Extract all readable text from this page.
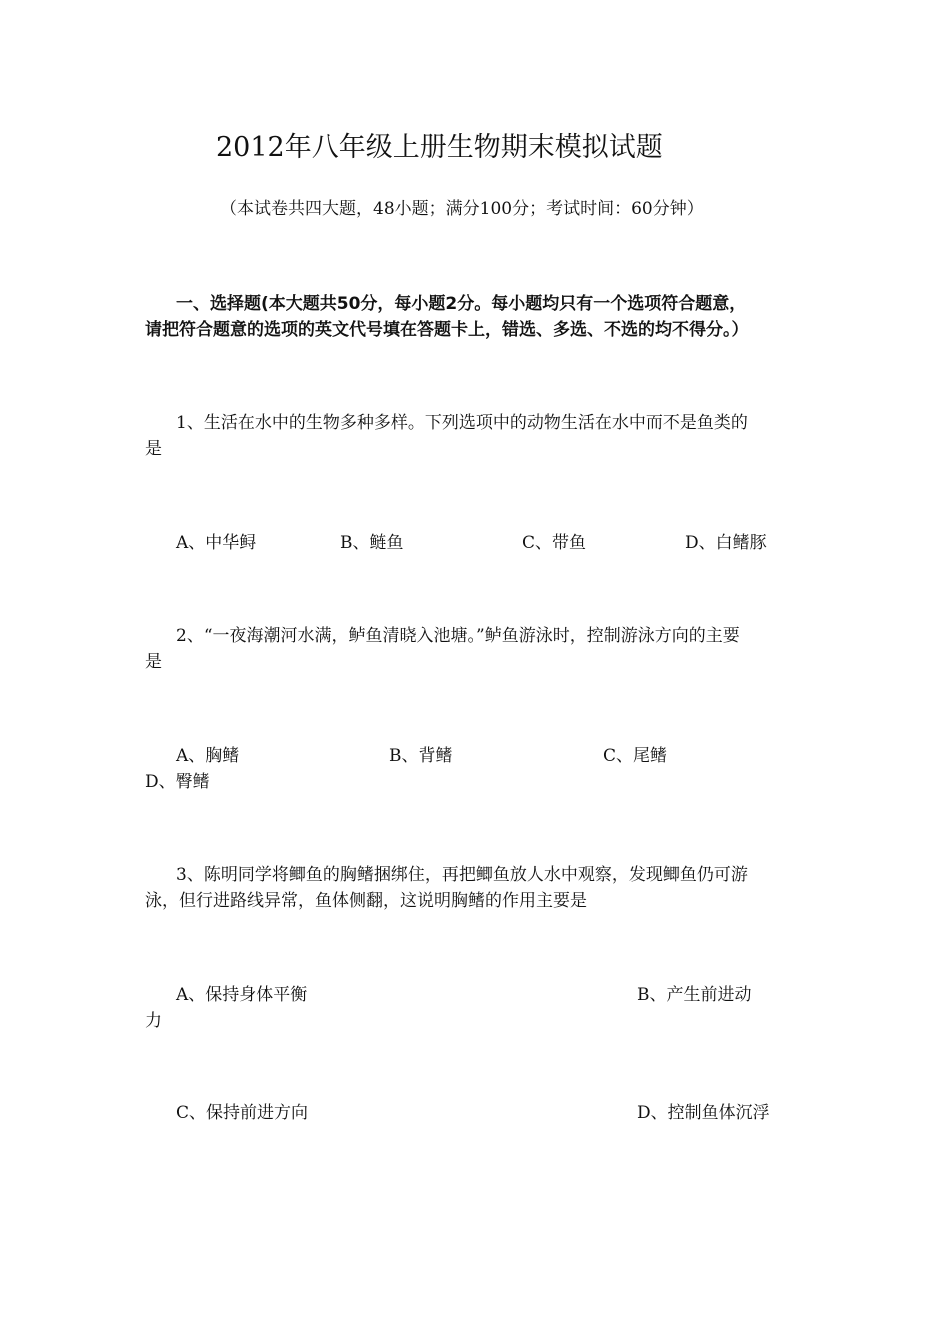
2012年八年级上册生物期末模拟试题
（本试卷共四大题，48小题；满分100分；考试时间：60分钟）
一、选择题(本大题共50分，每小题2分。每小题均只有一个选项符合题意，
请把符合题意的选项的英文代号填在答题卡上，错选、多选、不选的均不得分。）
1、生活在水中的生物多种多样。下列选项中的动物生活在水中而不是鱼类的
是
A、中华鲟	B、鲢鱼	C、带鱼	D、白鳍豚
2、“一夜海潮河水满，鲈鱼清晓入池塘。”鲈鱼游泳时，控制游泳方向的主要
是
A、胸鳍	B、背鳍	C、尾鳍
D、臀鳍
3、陈明同学将鲫鱼的胸鳍捆绑住，再把鲫鱼放人水中观察，发现鲫鱼仍可游
泳，但行进路线异常，鱼体侧翻，这说明胸鳍的作用主要是
A、保持身体平衡	B、产生前进动
力
C、保持前进方向	D、控制鱼体沉浮
